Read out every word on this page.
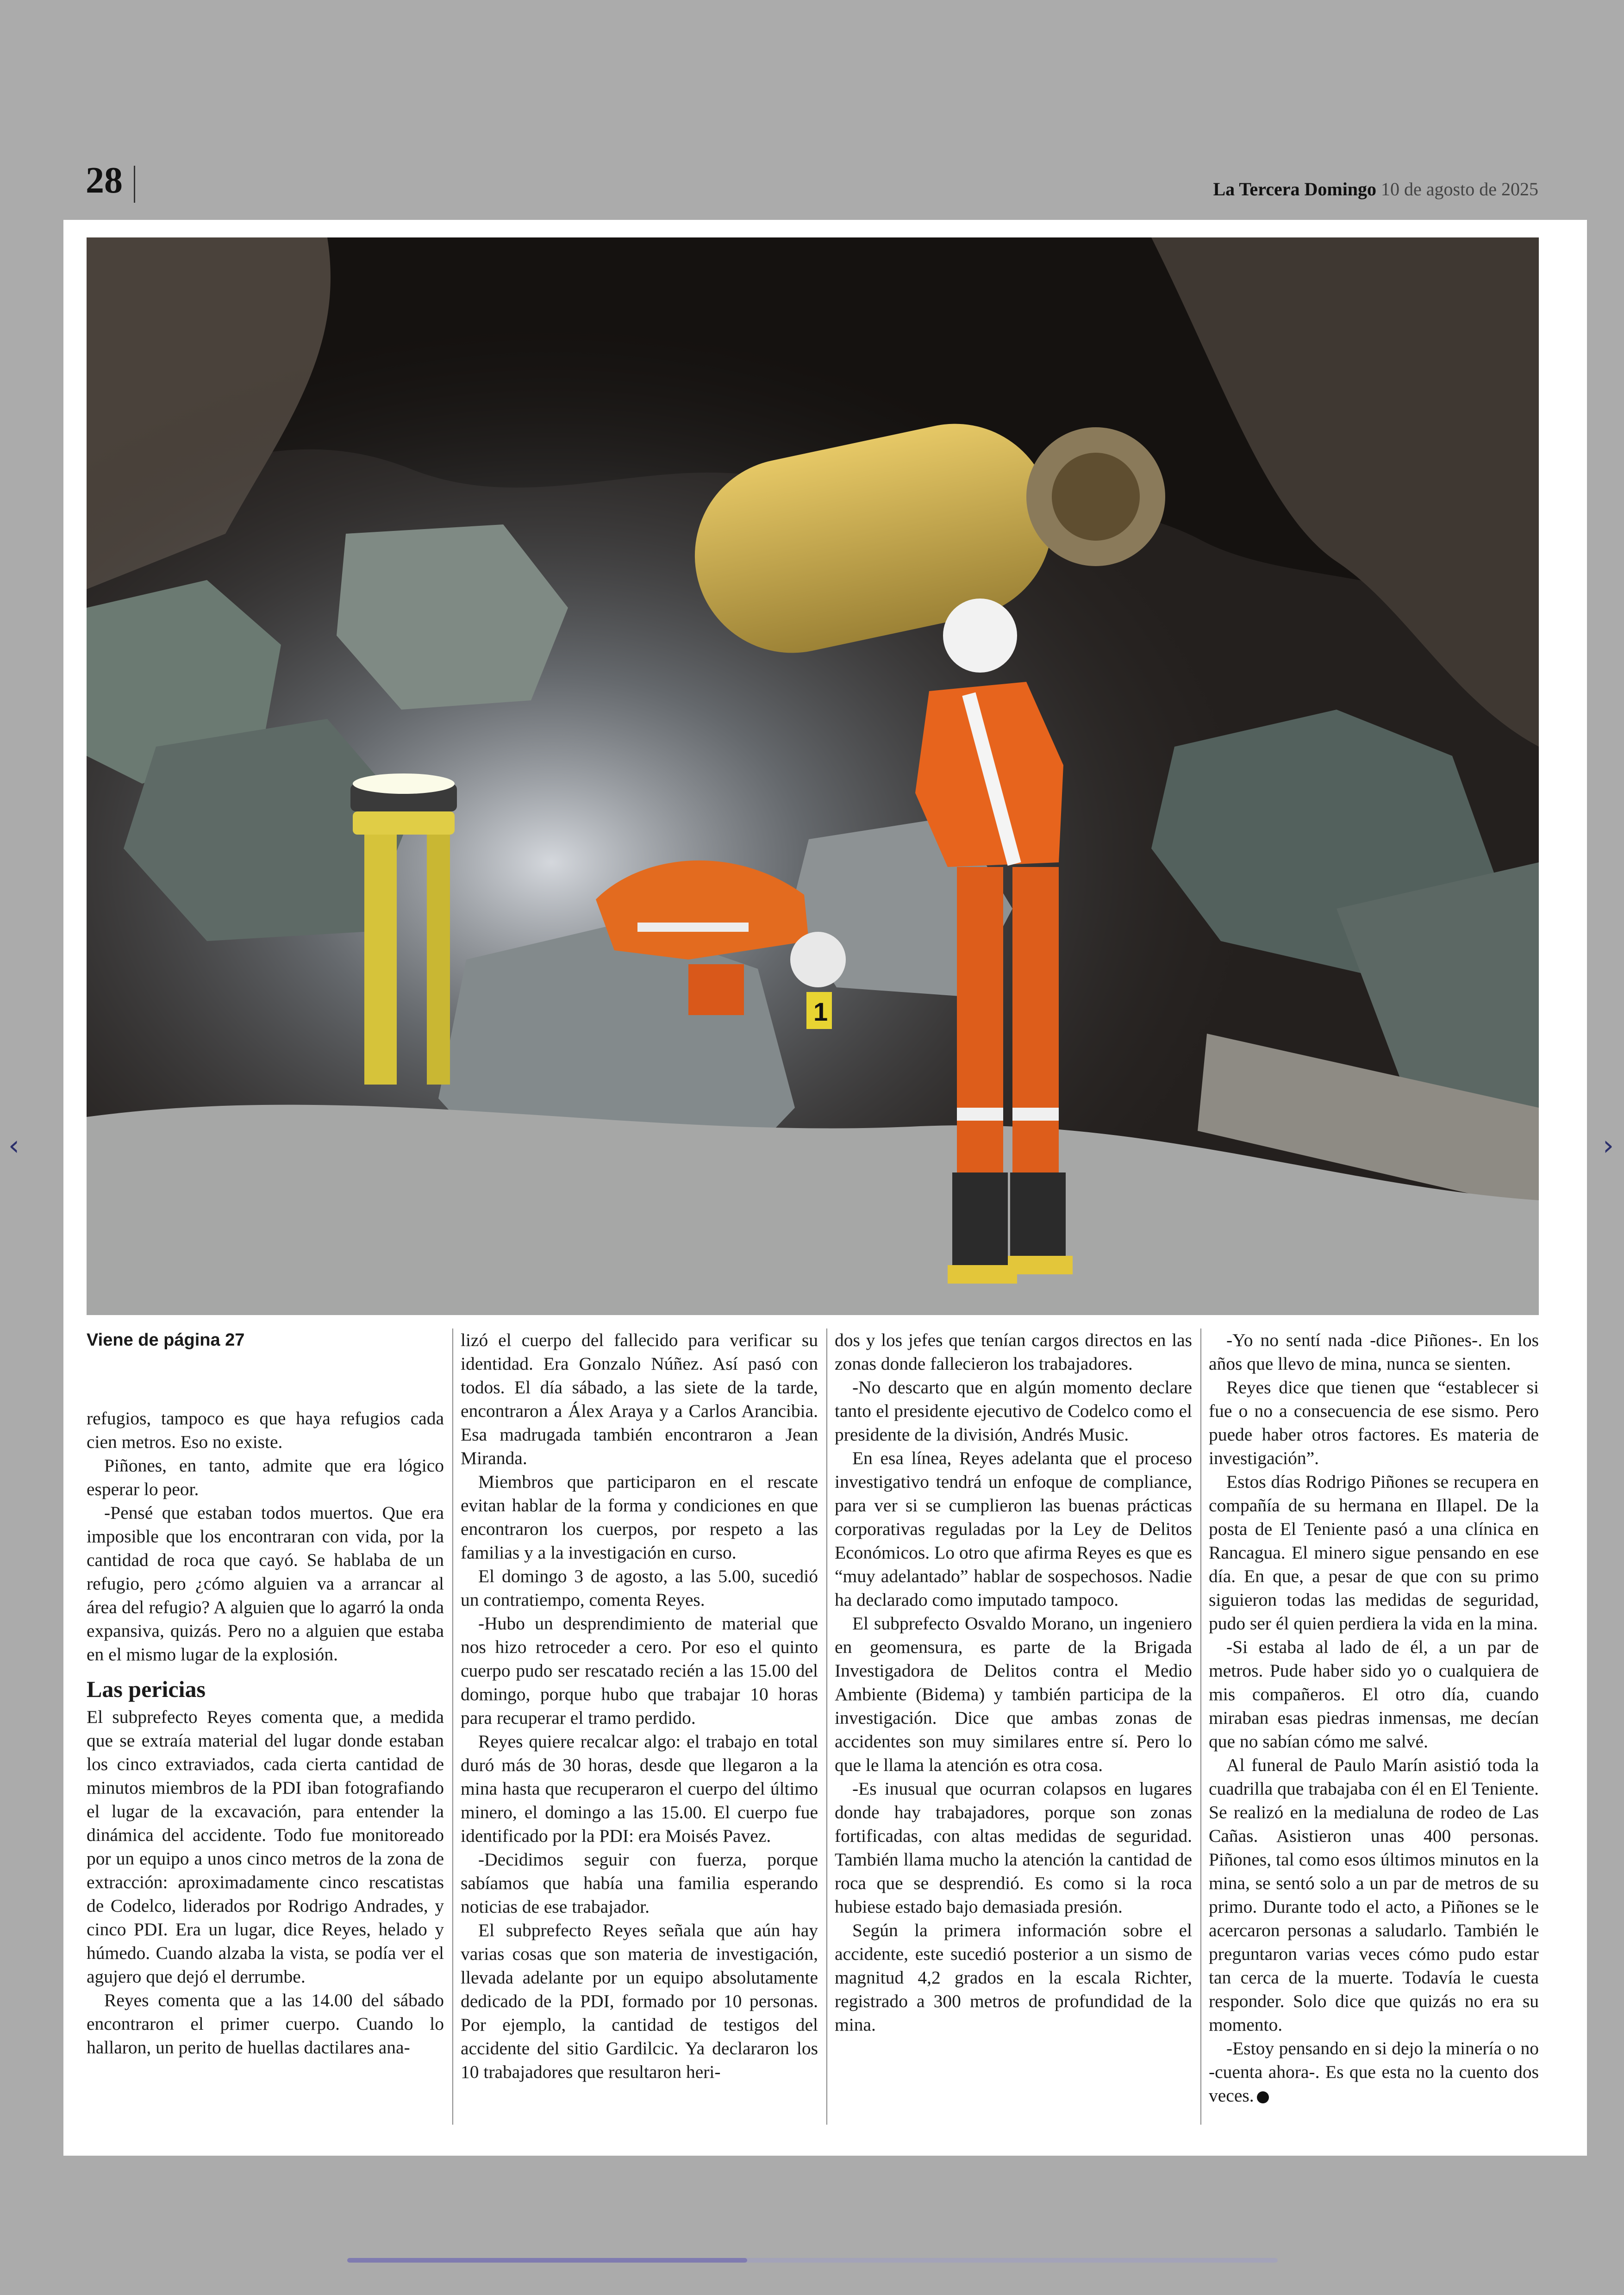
28	La Tercera Domingo 10 de agosto de 2025
1
Viene de página 27

refugios, tampoco es que haya refugios cada cien metros. Eso no existe.

Piñones, en tanto, admite que era lógico esperar lo peor.

-Pensé que estaban todos muertos. Que era imposible que los encontraran con vida, por la cantidad de roca que cayó. Se hablaba de un refugio, pero ¿cómo alguien va a arrancar al área del refugio? A alguien que lo agarró la onda expansiva, quizás. Pero no a alguien que estaba en el mismo lugar de la explosión.

Las pericias

El subprefecto Reyes comenta que, a medida que se extraía material del lugar donde estaban los cinco extraviados, cada cierta cantidad de minutos miembros de la PDI iban fotografiando el lugar de la excavación, para entender la dinámica del accidente. Todo fue monitoreado por un equipo a unos cinco metros de la zona de extracción: aproximadamente cinco rescatistas de Codelco, liderados por Rodrigo Andrades, y cinco PDI. Era un lugar, dice Reyes, helado y húmedo. Cuando alzaba la vista, se podía ver el agujero que dejó el derrumbe.

Reyes comenta que a las 14.00 del sábado encontraron el primer cuerpo. Cuando lo hallaron, un perito de huellas dactilares ana-

lizó el cuerpo del fallecido para verificar su identidad. Era Gonzalo Núñez. Así pasó con todos. El día sábado, a las siete de la tarde, encontraron a Álex Araya y a Carlos Arancibia. Esa madrugada también encontraron a Jean Miranda.

Miembros que participaron en el rescate evitan hablar de la forma y condiciones en que encontraron los cuerpos, por respeto a las familias y a la investigación en curso.

El domingo 3 de agosto, a las 5.00, sucedió un contratiempo, comenta Reyes.

-Hubo un desprendimiento de material que nos hizo retroceder a cero. Por eso el quinto cuerpo pudo ser rescatado recién a las 15.00 del domingo, porque hubo que trabajar 10 horas para recuperar el tramo perdido.

Reyes quiere recalcar algo: el trabajo en total duró más de 30 horas, desde que llegaron a la mina hasta que recuperaron el cuerpo del último minero, el domingo a las 15.00. El cuerpo fue identificado por la PDI: era Moisés Pavez.

-Decidimos seguir con fuerza, porque sabíamos que había una familia esperando noticias de ese trabajador.

El subprefecto Reyes señala que aún hay varias cosas que son materia de investigación, llevada adelante por un equipo absolutamente dedicado de la PDI, formado por 10 personas. Por ejemplo, la cantidad de testigos del accidente del sitio Gardilcic. Ya declararon los 10 trabajadores que resultaron heri-

dos y los jefes que tenían cargos directos en las zonas donde fallecieron los trabajadores.

-No descarto que en algún momento declare tanto el presidente ejecutivo de Codelco como el presidente de la división, Andrés Music.

En esa línea, Reyes adelanta que el proceso investigativo tendrá un enfoque de compliance, para ver si se cumplieron las buenas prácticas corporativas reguladas por la Ley de Delitos Económicos. Lo otro que afirma Reyes es que es “muy adelantado” hablar de sospechosos. Nadie ha declarado como imputado tampoco.

El subprefecto Osvaldo Morano, un ingeniero en geomensura, es parte de la Brigada Investigadora de Delitos contra el Medio Ambiente (Bidema) y también participa de la investigación. Dice que ambas zonas de accidentes son muy similares entre sí. Pero lo que le llama la atención es otra cosa.

-Es inusual que ocurran colapsos en lugares donde hay trabajadores, porque son zonas fortificadas, con altas medidas de seguridad. También llama mucho la atención la cantidad de roca que se desprendió. Es como si la roca hubiese estado bajo demasiada presión.

Según la primera información sobre el accidente, este sucedió posterior a un sismo de magnitud 4,2 grados en la escala Richter, registrado a 300 metros de profundidad de la mina.

-Yo no sentí nada -dice Piñones-. En los años que llevo de mina, nunca se sienten.

Reyes dice que tienen que “establecer si fue o no a consecuencia de ese sismo. Pero puede haber otros factores. Es materia de investigación”.

Estos días Rodrigo Piñones se recupera en compañía de su hermana en Illapel. De la posta de El Teniente pasó a una clínica en Rancagua. El minero sigue pensando en ese día. En que, a pesar de que con su primo siguieron todas las medidas de seguridad, pudo ser él quien perdiera la vida en la mina.

-Si estaba al lado de él, a un par de metros. Pude haber sido yo o cualquiera de mis compañeros. El otro día, cuando miraban esas piedras inmensas, me decían que no sabían cómo me salvé.

Al funeral de Paulo Marín asistió toda la cuadrilla que trabajaba con él en El Teniente. Se realizó en la medialuna de rodeo de Las Cañas. Asistieron unas 400 personas. Piñones, tal como esos últimos minutos en la mina, se sentó solo a un par de metros de su primo. Durante todo el acto, a Piñones se le acercaron personas a saludarlo. También le preguntaron varias veces cómo pudo estar tan cerca de la muerte. Todavía le cuesta responder. Solo dice que quizás no era su momento.

-Estoy pensando en si dejo la minería o no -cuenta ahora-. Es que esta no la cuento dos veces.

‹	›
